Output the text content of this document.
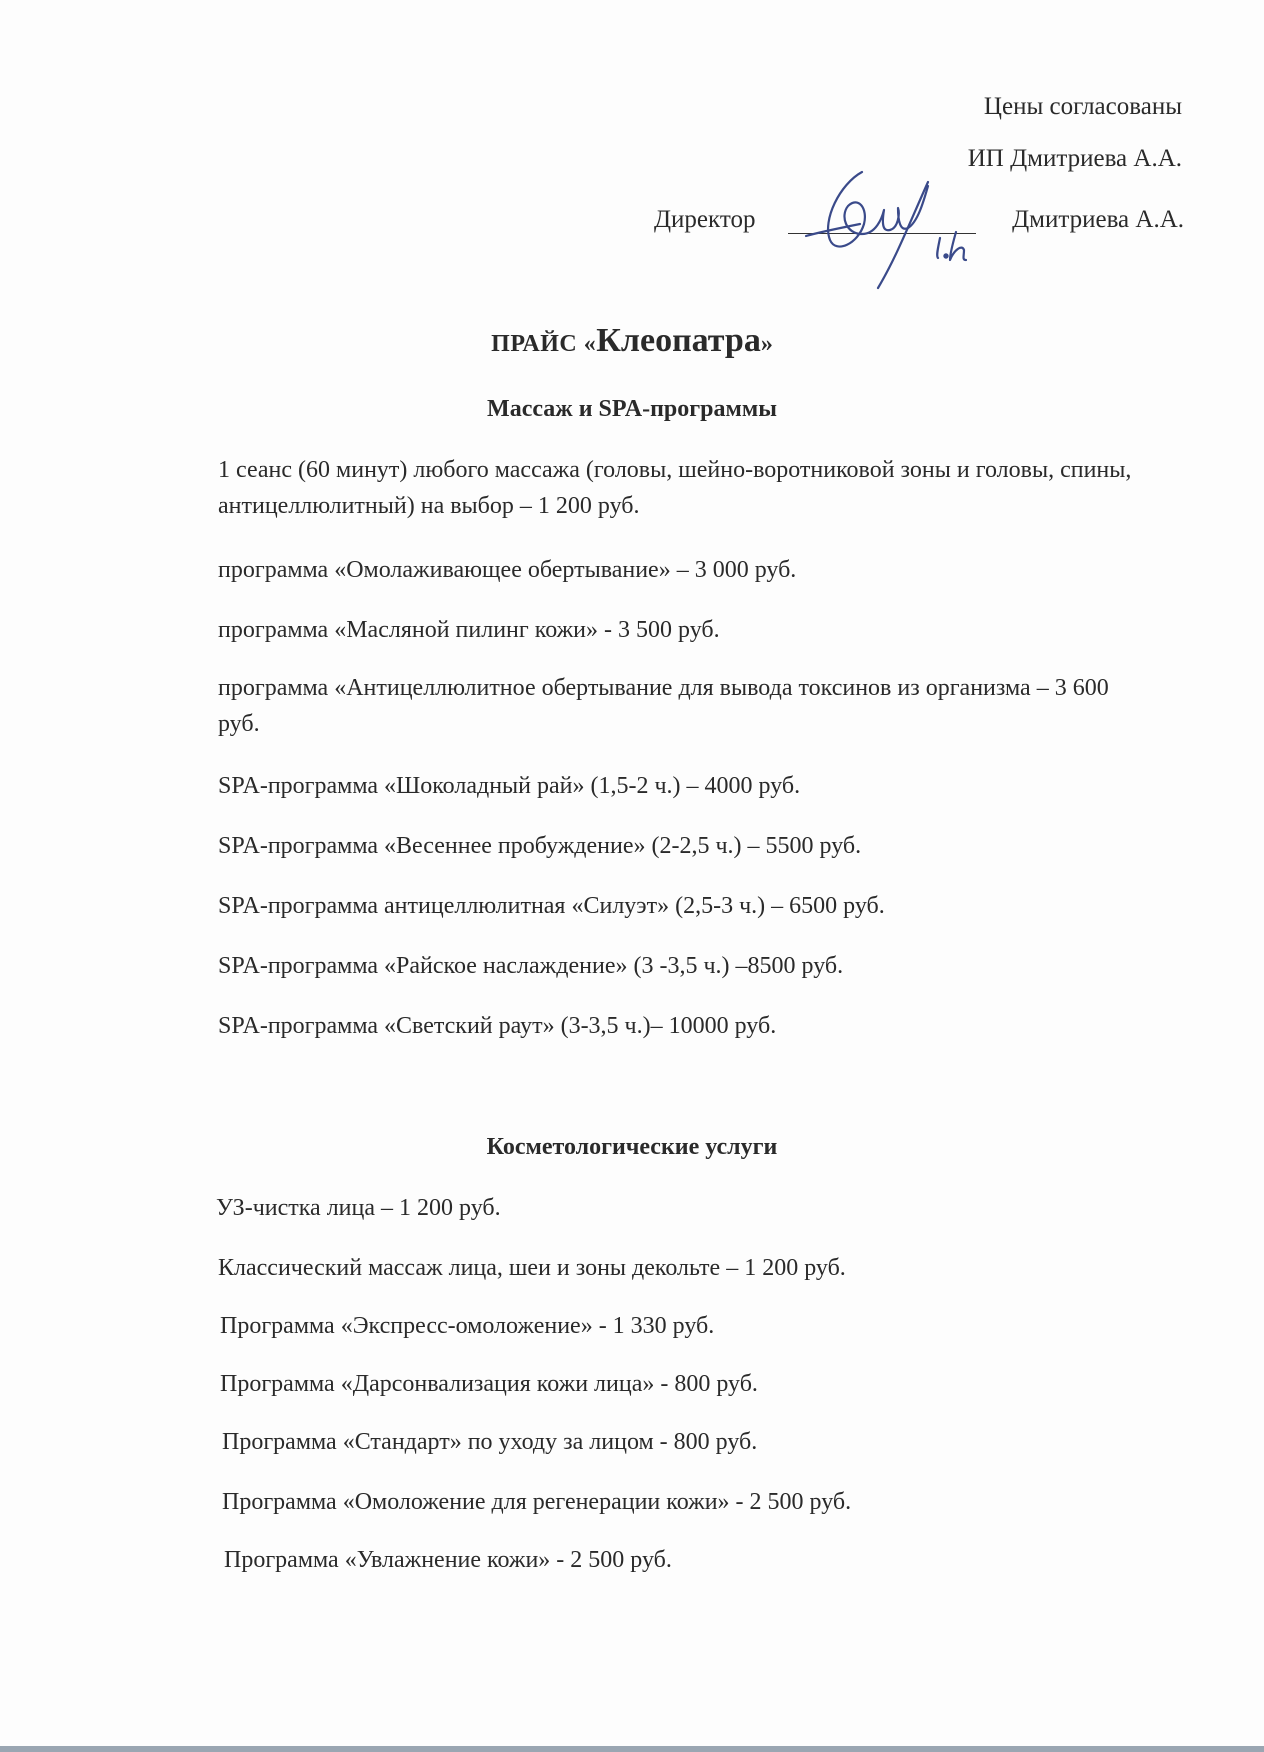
Цены согласованы
ИП Дмитриева А.А.
Директор	Дмитриева А.А.
ПРАЙС «Клеопатра»
Массаж и SPA-программы
1 сеанс (60 минут) любого массажа (головы, шейно-воротниковой зоны и головы, спины, антицеллюлитный) на выбор – 1 200 руб.
программа «Омолаживающее обертывание» – 3 000 руб.
программа «Масляной пилинг кожи» - 3 500 руб.
программа «Антицеллюлитное обертывание для вывода токсинов из организма – 3 600 руб.
SPA-программа «Шоколадный рай» (1,5-2 ч.) – 4000 руб.
SPA-программа «Весеннее пробуждение» (2-2,5 ч.) – 5500 руб.
SPA-программа антицеллюлитная «Силуэт» (2,5-3 ч.) – 6500 руб.
SPA-программа «Райское наслаждение» (3 -3,5 ч.) –8500 руб.
SPA-программа «Светский раут» (3-3,5 ч.)– 10000 руб.
Косметологические услуги
УЗ-чистка лица – 1 200 руб.
Классический массаж лица, шеи и зоны декольте – 1 200 руб.
Программа «Экспресс-омоложение» - 1 330 руб.
Программа «Дарсонвализация кожи лица» - 800 руб.
Программа «Стандарт» по уходу за лицом - 800 руб.
Программа «Омоложение для регенерации кожи» - 2 500 руб.
Программа «Увлажнение кожи» - 2 500 руб.
